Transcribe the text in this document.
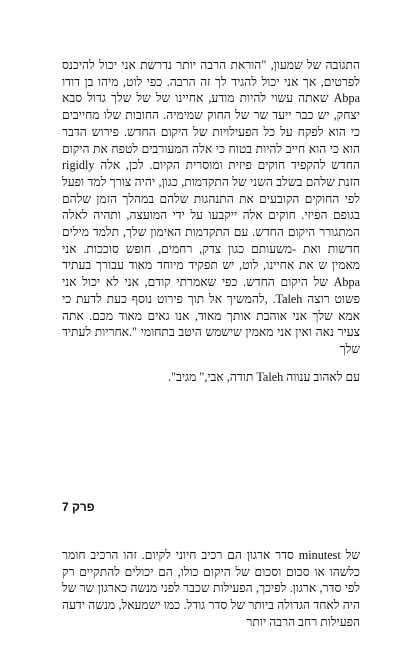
התגובה של שמעון, "הוראת הרבה יותר נדרשת אני יכול להיכנס לפרטים, אך אני יכול להגיד לך זה הרבה. כפי לוט, מיהו בן דודו Abpa שאתה עשוי להיות מודע, אחיינו של של שלך גדול סבא יצחק, יש כבר ייעד שר של החוק שמימיה. החובות שלו מחייבים כי הוא לפקח על כל הפעילויות של היקום החדש. פירוש הדבר הוא כי הוא חייב להיות בטוח כי אלה המעורבים לטפח את היקום החדש להקפיד חוקים פיזית ומוסרית הקיום. לכן, אלה rigidly הזנת שלהם בשלב השני של התקדמות, כגון, יהיה צורך למד ופעל לפי החוקים הקובעים את התנהגות שלהם במהלך הזמן שלהם בגופם הפיזי. חוקים אלה ייקבעו על ידי המועצה, ותהיה לאלה המתגורר היקום החדש. עם התקדמות האימון שלך, תלמד מילים חדשות ואת -משעותם כגון צדק, רחמים, חופש סוככות. אני מאמין ש את אחיינו, לוט, יש תפקיד מיוחד מאוד עבורך בעתיד Abpa של היקום החדש. כפי שאמרתי קודם, אני לא יכול אני פשוט רוצה Taleh. ,להמשיך אל תוך פירוט נוסף כעת לדעת כי אמא שלך אני אוהבת אותך מאוד, אנו גאים מאוד מכם. אתה צעיר נאה ואין אני מאמין שישמש היטב בתחומי ".אחריות לעתיד שלך

עם לאהוב ענווה Taleh תודה, אבי," מגיב".

פרק 7

של minutest סדר ארגון הם רכיב חיוני לקיום. זהו הרכיב חומר כלשהו או סכום וסכום של היקום כולו, הם יכולים להתקיים רק לפי סדר, ארגון. לפיכך, הפעילות שכבר לפני מנשה כארגון שר של היה לאחד הגדולה ביותר של סדר גודל. כמו ישמעאל, מנשה ידעה הפעילות רחב הרבה יותר
